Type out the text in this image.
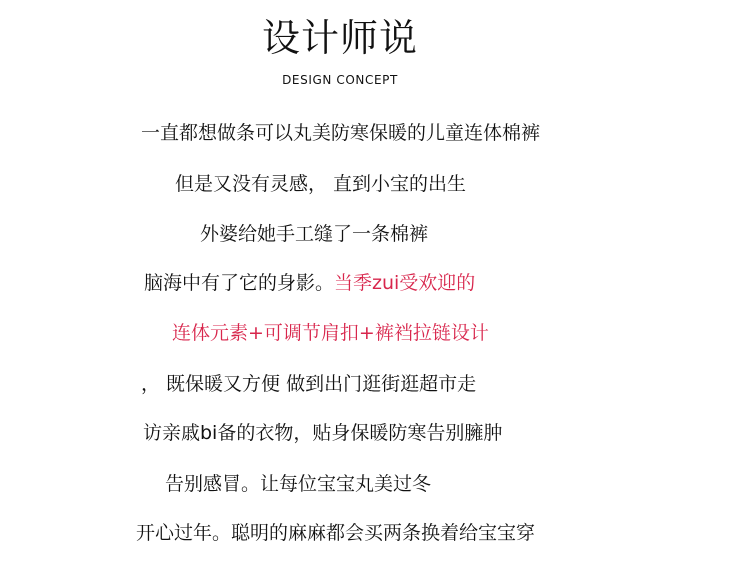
设计师说
DESIGN CONCEPT
一直都想做条可以丸美防寒保暖的儿童连体棉裤
但是又没有灵感， 直到小宝的出生
外婆给她手工缝了一条棉裤
脑海中有了它的身影。当季zui受欢迎的
连体元素+可调节肩扣+裤裆拉链设计
， 既保暖又方便 做到出门逛街逛超市走
访亲戚bi备的衣物，贴身保暖防寒告别臃肿
告别感冒。让每位宝宝丸美过冬
开心过年。聪明的麻麻都会买两条换着给宝宝穿
